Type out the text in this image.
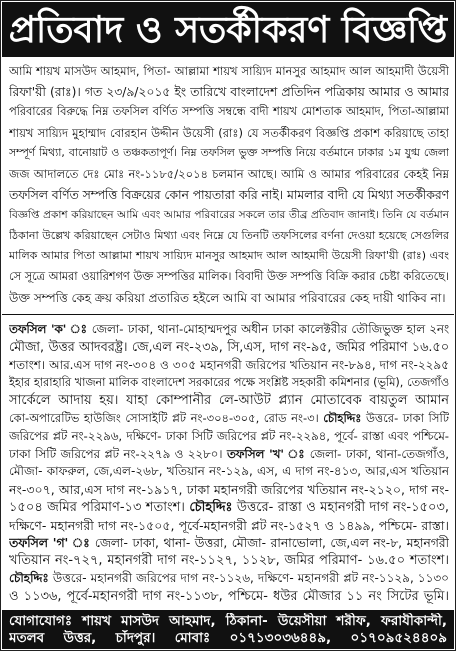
প্রতিবাদ ও সতর্কীকরণ বিজ্ঞপ্তি
আমি শায়খ মাসউদ আহমাদ, পিতা- আল্লামা শায়খ সায়্যিদ মানসুর আহমাদ আল আহমাদী উয়েসী
রিফা'য়ী (রাঃ)। গত ২৩/৯/২০১৫ ইং তারিখে বাংলাদেশ প্রতিদিন পত্রিকায় আমার ও আমার
পরিবারের বিরুদ্ধে নিম্ন তফসিল বর্ণিত সম্পত্তি সম্বন্ধে বাদী শায়খ মোশতাক আহমাদ, পিতা-আল্লামা
শায়খ সায়্যিদ মুহাম্মাদ বোরহান উদ্দীন উয়েসী (রাঃ) যে সতর্কীকরণ বিজ্ঞপ্তি প্রকাশ করিয়াছে তাহা
সম্পূর্ণ মিথ্যা, বানোয়াট ও তঞ্চকতাপূর্ণ। নিম্ন তফসিল ভুক্ত সম্পত্তি নিয়ে বর্তমানে ঢাকার ১ম যুগ্ম জেলা
জজ আদালতে দেঃ মোঃ নং-১১৮৫/২০১৪ চলমান আছে। আমি ও আমার পরিবারের কেহই নিম্ন
তফসিল বর্ণিত সম্পত্তি বিক্রয়ের কোন পায়তারা করি নাই। মামলার বাদী যে মিথ্যা সতর্কীকরণ
বিজ্ঞপ্তি প্রকাশ করিয়াছেন আমি এবং আমার পরিবারের সকলে তার তীব্র প্রতিবাদ জানাই। তিনি যে বর্তমান
ঠিকানা উল্লেখ করিয়াছেন সেটাও মিথ্যা এবং নিম্নে যে তিনটি তফসিলের বর্ণনা দেওয়া হয়েছে সেগুলির
মালিক আমার পিতা আল্লামা শায়খ সায়্যিদ মানসুর আহমাদ আল আহমাদী উয়েসী রিফা'য়ী (রাঃ) এবং
সে সূত্রে আমরা ওয়ারিশগণ উক্ত সম্পত্তির মালিক। বিবাদী উক্ত সম্পত্তি বিক্রি করার চেষ্টা করিতেছে।
উক্ত সম্পত্তি কেহ ক্রয় করিয়া প্রতারিত হইলে আমি বা আমার পরিবারের কেহ দায়ী থাকিব না।
তফসিল 'ক' ঃ জেলা- ঢাকা, থানা-মোহাম্মদপুর অধীন ঢাকা কালেক্টরীর তৌজিভুক্ত হাল ২নং
মৌজা, উত্তর আদবরষ্ট্র। জে,এল নং-২৩৯, সি,এস, দাগ নং-৯৫, জমির পরিমাণ ১৬.৫০
শতাংশ। আর.এস দাগ নং-৩০৪ ও ৩০৫ মহানগরী জরিপের খতিয়ান নং-৮৯৪, দাগ নং-২২৯৫
ইহার হারাহারি খাজনা মালিক বাংলাদেশ সরকারের পক্ষে সংশ্লিষ্ট সহকারী কমিশনার (ভূমি), তেজগাঁও
সার্কেলে আদায় হয়। যাহা কোম্পানীর লে-আউট প্ল্যান মোতাবেক বায়তুল আমান
কো-অপারেটিভ হাউজিং সোসাইটি প্লট নং-৩০৪-৩০৫, রোড নং-৩। চৌহদ্দিঃ উত্তরে- ঢাকা সিটি
জরিপের প্লট নং-২২৯৬, দক্ষিণে- ঢাকা সিটি জরিপের প্লট নং-২২৯৪, পূর্বে- রাস্তা এবং পশ্চিমে-
ঢাকা সিটি জরিপের প্লট নং-২২৭৯ ও ২২৮০। তফসিল 'খ' ঃ জেলা- ঢাকা, থানা-তেজগাঁও,
মৌজা- কাফরুল, জে,এল-২৬৮, খতিয়ান নং-১২৯, এস, এ দাগ নং-৪১৩, আর,এস খতিয়ান
নং-৩০৭, আর,এস দাগ নং-১৯১৭, ঢাকা মহানগরী জরিপের খতিয়ান নং-২১২০, দাগ নং-
১৫০৪ জমির পরিমাণ-১৩ শতাংশ। চৌহদ্দিঃ উত্তরে- রাস্তা ও মহানগরী দাগ নং-১৫০৩,
দক্ষিণে- মহানগরী দাগ নং-১৫০৫, পূর্বে-মহানগরী প্লট নং-১৫২৭ ও ১৪৯৯, পশ্চিমে- রাস্তা।
তফসিল 'গ' ঃ জেলা- ঢাকা, থানা- উত্তরা, মৌজা- রানাভোলা, জে,এল নং-৮, মহানগরী
খতিয়ান নং-৭২৭, মহানগরী দাগ নং-১১২৭, ১১২৮, জমির পরিমাণ- ১৬.৫০ শতাংশ।
চৌহদ্দিঃ উত্তরে- মহানগরী জরিপের দাগ নং-১১২৬, দক্ষিণে- মহানগরী প্লট নং-১১২৯, ১১৩০
ও ১১৩৬, পূর্বে-মহানগরী দাগ নং-১১৩৮, পশ্চিমে- ধউর মৌজার ১১ নং সিটের ভূমি।
যোগাযোগঃ শায়খ মাসউদ আহমাদ, ঠিকানা- উয়েসীয়া শরীফ, ফরাযীকান্দী,
মতলব উত্তর, চাঁদপুর। মোবাঃ ০১৭১৩০৩৬৪৪৯, ০১৭০৯৫২৪৪০৯
